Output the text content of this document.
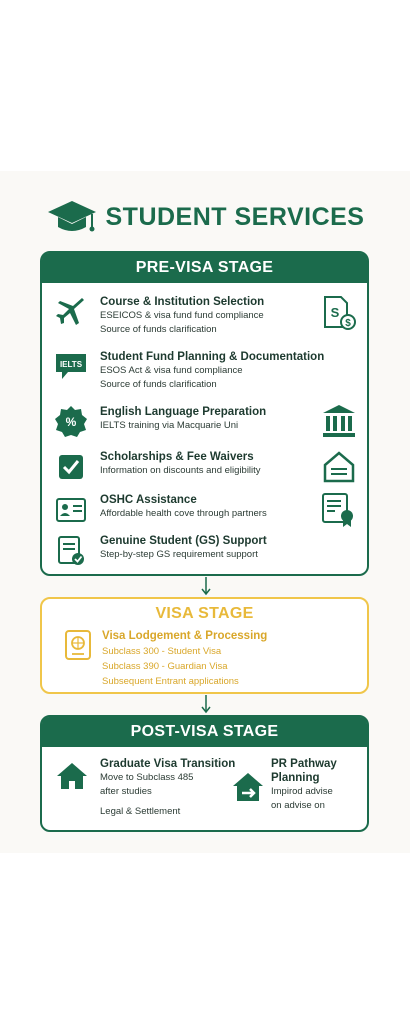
STUDENT SERVICES
PRE-VISA STAGE
Course & Institution Selection
ESEICOS & visa fund fund compliance
Source of funds clarification
IELTS
Student Fund Planning & Documentation
ESOS Act & visa fund compliance
Source of funds clarification
%
English Language Preparation
IELTS training via Macquarie Uni
Scholarships & Fee Waivers
Information on discounts and eligibility
OSHC Assistance
Affordable health cove through partners
Genuine Student (GS) Support
Step-by-step GS requirement support
S
$
VISA STAGE
Visa Lodgement & Processing
Subclass 300 - Student Visa
Subclass 390 - Guardian Visa
Subsequent Entrant applications
POST-VISA STAGE
Graduate Visa Transition
Move to Subclass 485
after studies
Legal & Settlement
PR Pathway
Planning
Impirod advise
on advise on
